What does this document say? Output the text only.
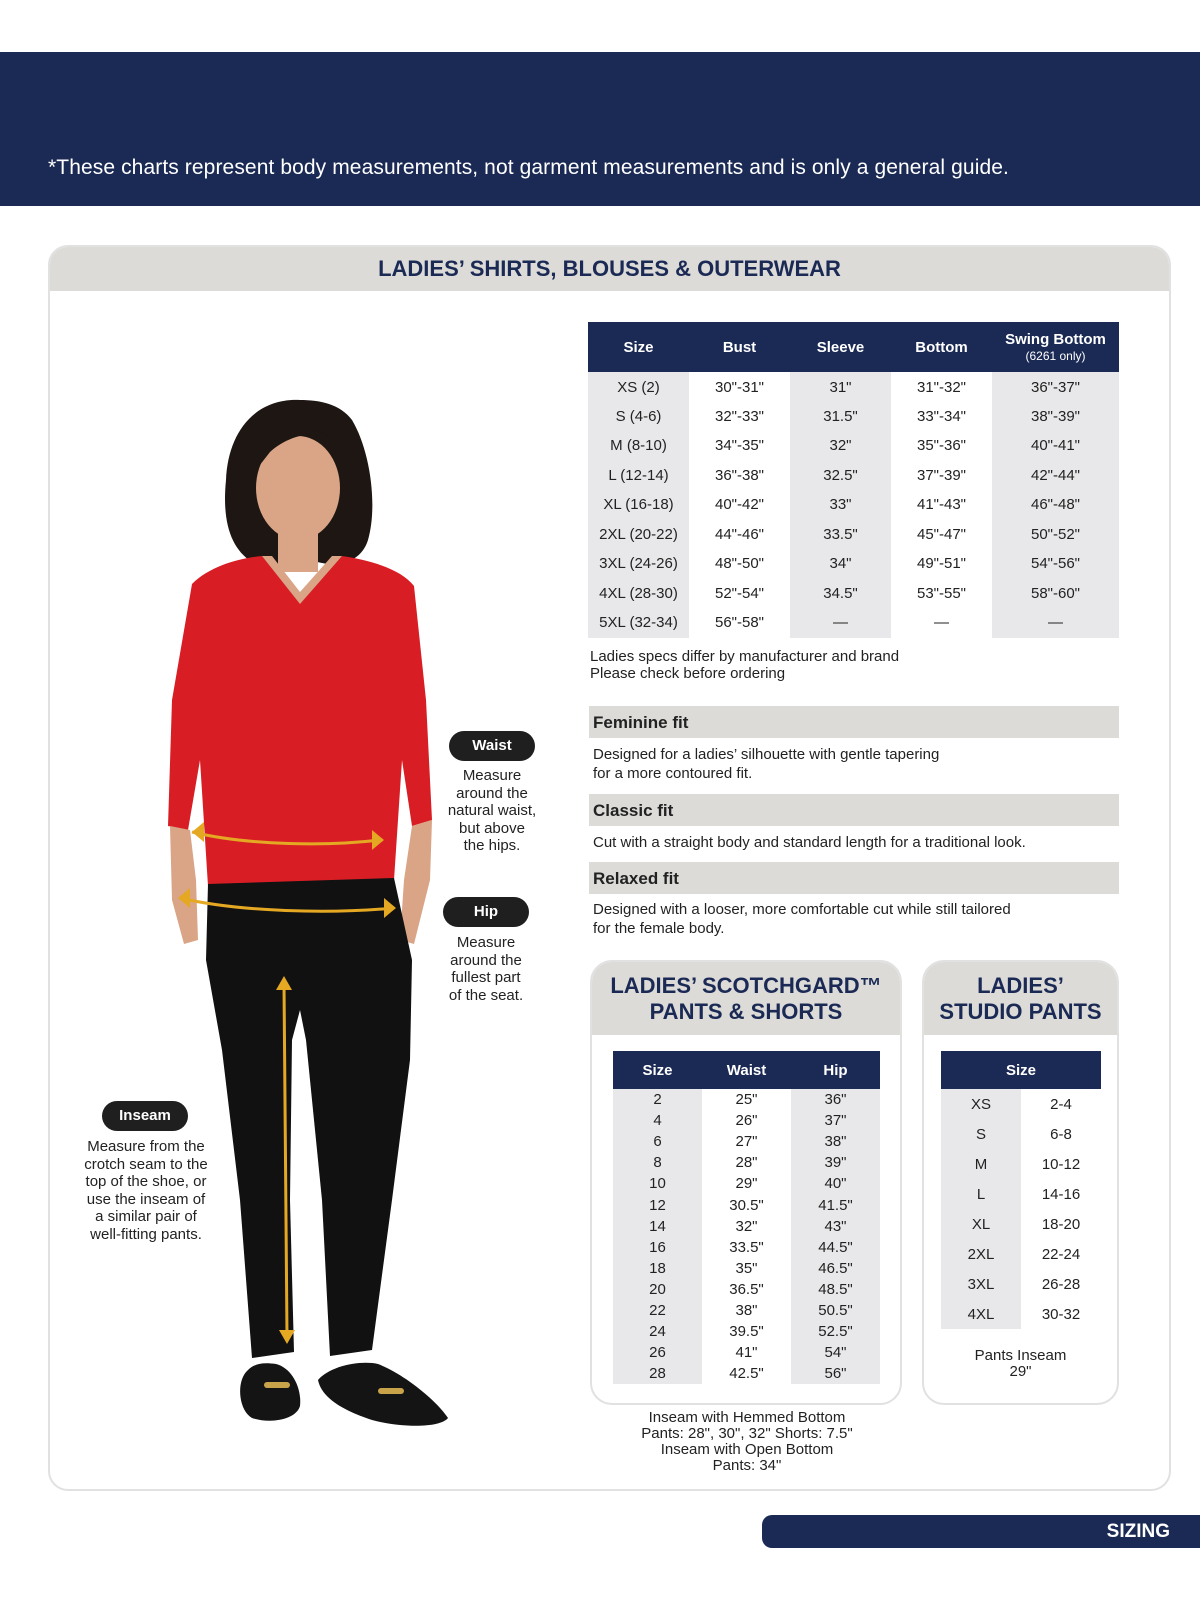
*These charts represent body measurements, not garment measurements and is only a general guide.
LADIES’ SHIRTS, BLOUSES & OUTERWEAR
Waist
Measure
around the
natural waist,
but above
the hips.
Hip
Measure
around the
fullest part
of the seat.
Inseam
Measure from the
crotch seam to the
top of the shoe, or
use the inseam of
a similar pair of
well-fitting pants.
Size	Bust	Sleeve	Bottom	Swing Bottom
(6261 only)

XS (2)	30"-31"	31"	31"-32"	36"-37"
S (4-6)	32"-33"	31.5"	33"-34"	38"-39"
M (8-10)	34"-35"	32"	35"-36"	40"-41"
L (12-14)	36"-38"	32.5"	37"-39"	42"-44"
XL (16-18)	40"-42"	33"	41"-43"	46"-48"
2XL (20-22)	44"-46"	33.5"	45"-47"	50"-52"
3XL (24-26)	48"-50"	34"	49"-51"	54"-56"
4XL (28-30)	52"-54"	34.5"	53"-55"	58"-60"
5XL (32-34)	56"-58"	—	—	—
Ladies specs differ by manufacturer and brand
Please check before ordering
Feminine fit
Designed for a ladies’ silhouette with gentle tapering
for a more contoured fit.
Classic fit
Cut with a straight body and standard length for a traditional look.
Relaxed fit
Designed with a looser, more comfortable cut while still tailored
for the female body.
LADIES’ SCOTCHGARD™
PANTS & SHORTS
Size	Waist	Hip
2	25"	36"
4	26"	37"
6	27"	38"
8	28"	39"
10	29"	40"
12	30.5"	41.5"
14	32"	43"
16	33.5"	44.5"
18	35"	46.5"
20	36.5"	48.5"
22	38"	50.5"
24	39.5"	52.5"
26	41"	54"
28	42.5"	56"
Inseam with Hemmed Bottom
Pants: 28", 30", 32" Shorts: 7.5"
Inseam with Open Bottom
Pants: 34"
LADIES’
STUDIO PANTS
Size	
XS	2-4
S	6-8
M	10-12
L	14-16
XL	18-20
2XL	22-24
3XL	26-28
4XL	30-32
Pants Inseam
29"
SIZING
